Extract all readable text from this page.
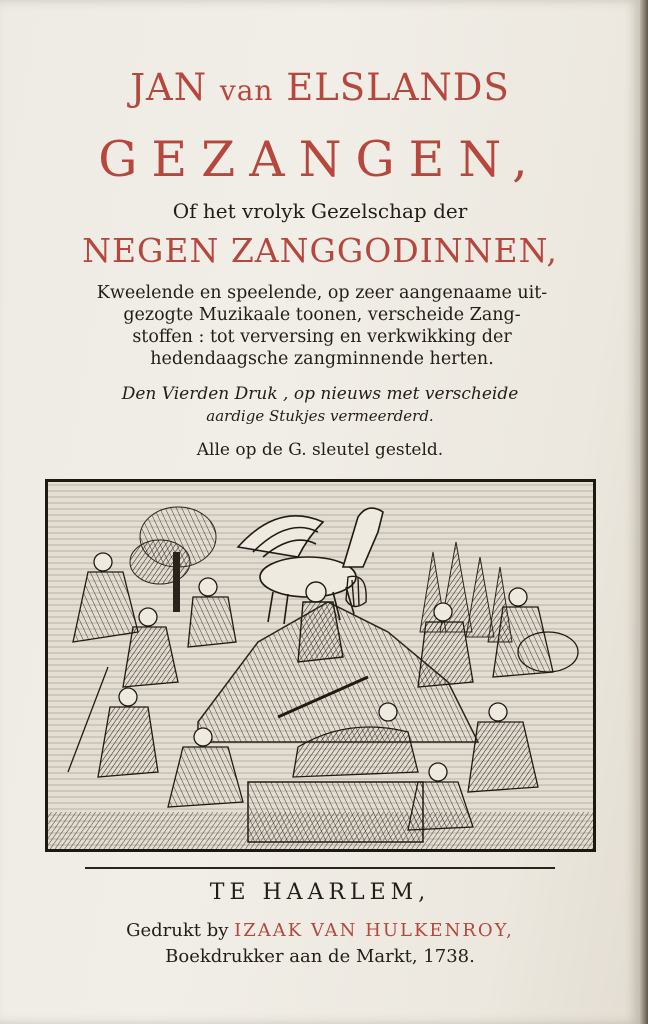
JAN van ELSLANDS
GEZANGEN,
Of het vrolyk Gezelschap der
NEGEN ZANGGODINNEN,
Kweelende en speelende, op zeer aangenaame uit-
gezogte Muzikaale toonen, verscheide Zang-
stoffen : tot verversing en verkwikking der
hedendaagsche zangminnende herten.
Den Vierden Druk , op nieuws met verscheide
aardige Stukjes vermeerderd.
Alle op de G. sleutel gesteld.
TE HAARLEM,
Gedrukt by IZAAK VAN HULKENROY,
Boekdrukker aan de Markt, 1738.
